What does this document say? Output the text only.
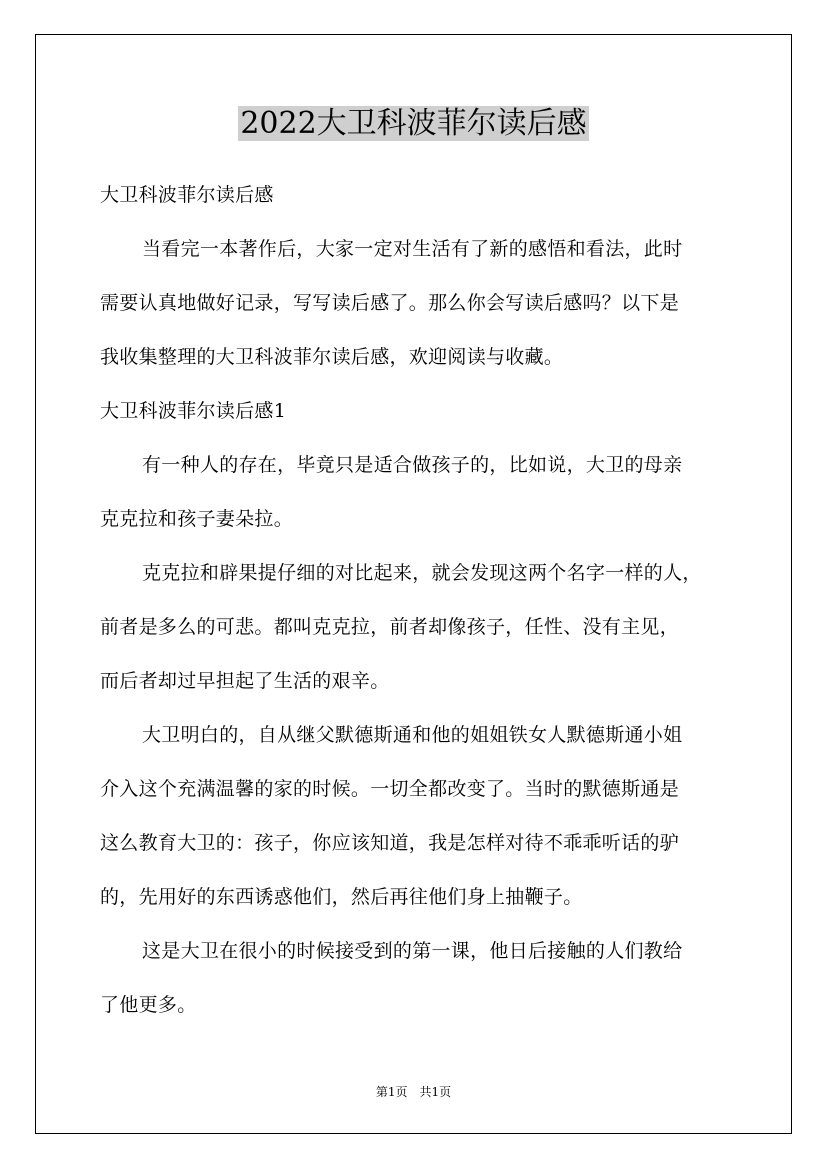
2022大卫科波菲尔读后感
大卫科波菲尔读后感
当看完一本著作后，大家一定对生活有了新的感悟和看法，此时
需要认真地做好记录，写写读后感了。那么你会写读后感吗？以下是
我收集整理的大卫科波菲尔读后感，欢迎阅读与收藏。
大卫科波菲尔读后感1
有一种人的存在，毕竟只是适合做孩子的，比如说，大卫的母亲
克克拉和孩子妻朵拉。
克克拉和辟果提仔细的对比起来，就会发现这两个名字一样的人，
前者是多么的可悲。都叫克克拉，前者却像孩子，任性、没有主见，
而后者却过早担起了生活的艰辛。
大卫明白的，自从继父默德斯通和他的姐姐铁女人默德斯通小姐
介入这个充满温馨的家的时候。一切全都改变了。当时的默德斯通是
这么教育大卫的：孩子，你应该知道，我是怎样对待不乖乖听话的驴
的，先用好的东西诱惑他们，然后再往他们身上抽鞭子。
这是大卫在很小的时候接受到的第一课，他日后接触的人们教给
了他更多。
第1页　共1页
